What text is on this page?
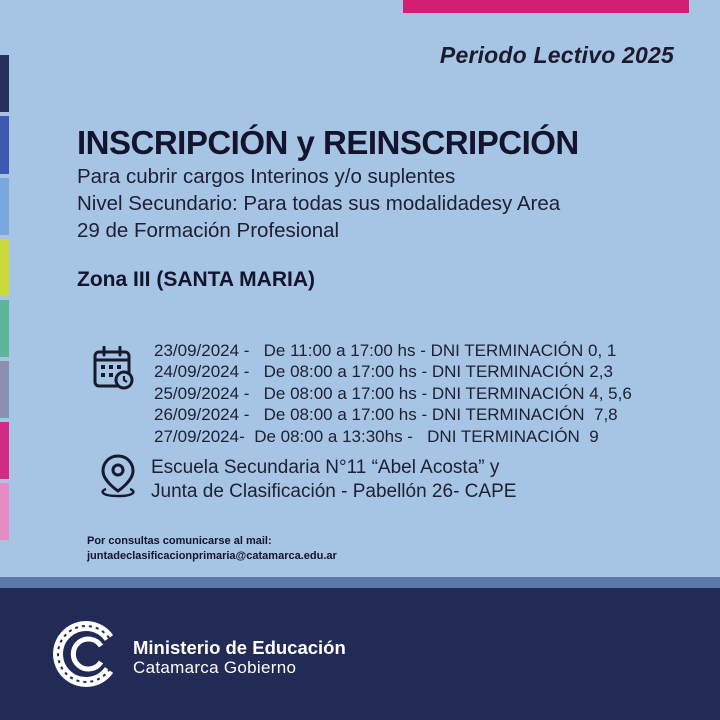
Periodo Lectivo 2025
INSCRIPCIÓN y REINSCRIPCIÓN
Para cubrir cargos Interinos y/o suplentes
Nivel Secundario: Para todas sus modalidadesy Area
29 de Formación Profesional
Zona III (SANTA MARIA)
23/09/2024 -   De 11:00 a 17:00 hs - DNI TERMINACIÓN 0, 1
24/09/2024 -   De 08:00 a 17:00 hs - DNI TERMINACIÓN 2,3
25/09/2024 -   De 08:00 a 17:00 hs - DNI TERMINACIÓN 4, 5,6
26/09/2024 -   De 08:00 a 17:00 hs - DNI TERMINACIÓN  7,8
27/09/2024-  De 08:00 a 13:30hs -   DNI TERMINACIÓN  9
Escuela Secundaria N°11 “Abel Acosta” y
Junta de Clasificación - Pabellón 26- CAPE
Por consultas comunicarse al mail:
juntadeclasificacionprimaria@catamarca.edu.ar
Ministerio de Educación
Catamarca Gobierno
